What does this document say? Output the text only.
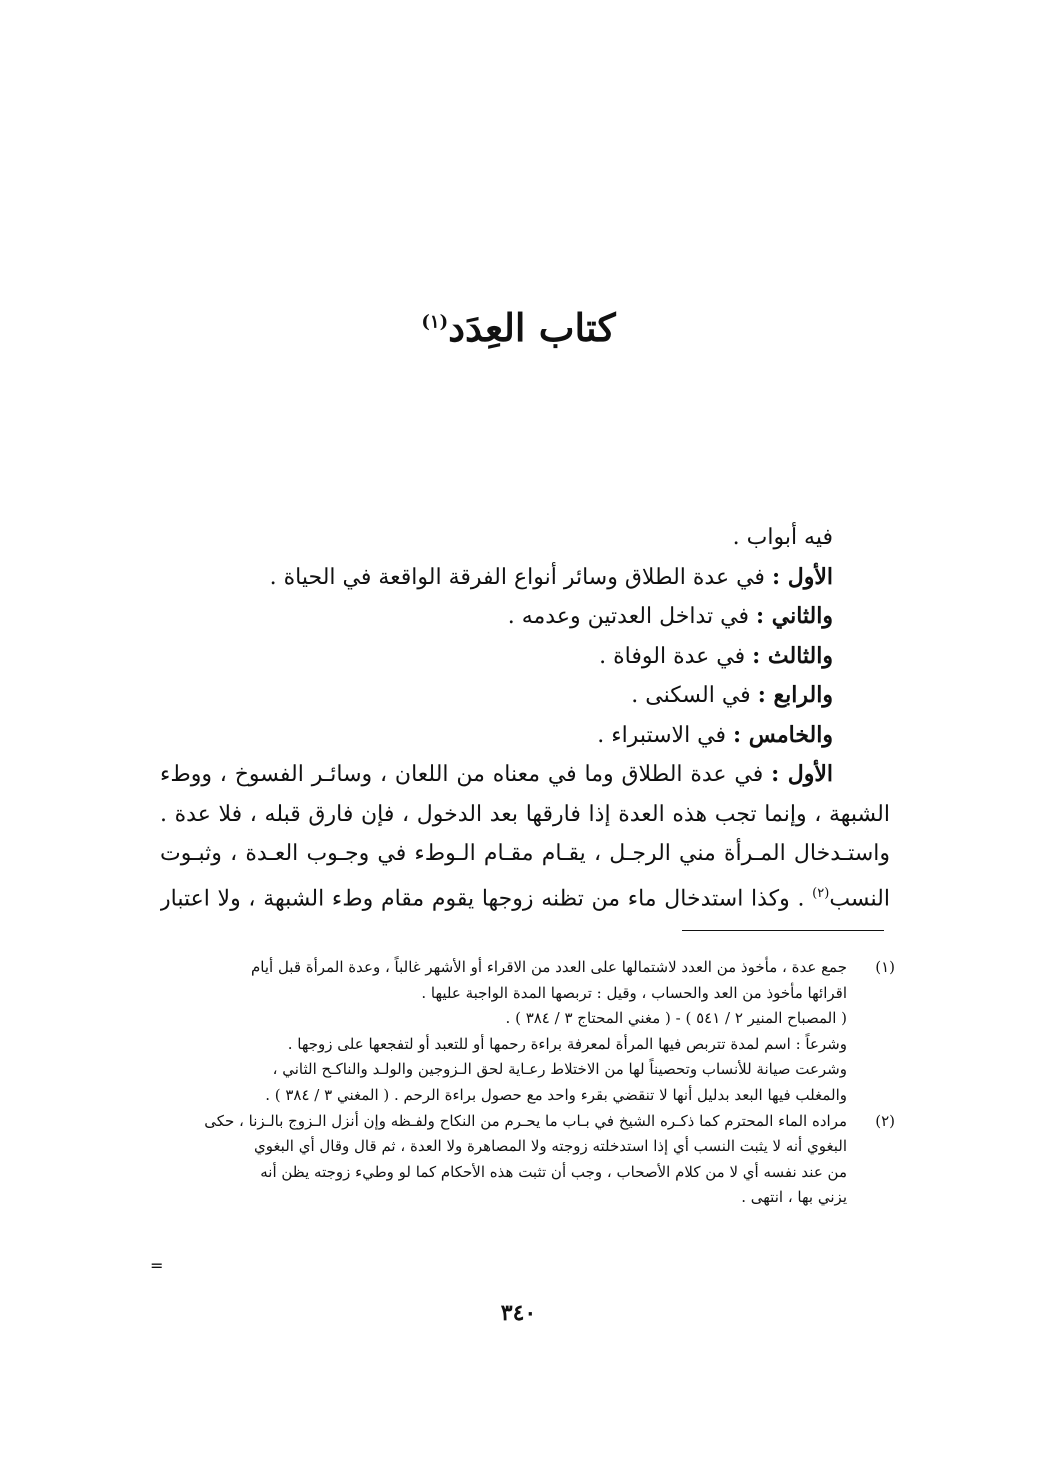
كتاب العِدَد$^{(١)}$
فيه أبواب .
الأول : في عدة الطلاق وسائر أنواع الفرقة الواقعة في الحياة .
والثاني : في تداخل العدتين وعدمه .
والثالث : في عدة الوفاة .
والرابع : في السكنى .
والخامس : في الاستبراء .
الأول : في عدة الطلاق وما في معناه من اللعان ، وسائـر الفسوخ ، ووطء
الشبهة ، وإنما تجب هذه العدة إذا فارقها بعد الدخول ، فإن فارق قبله ، فلا عدة .
واستـدخال المـرأة مني الرجـل ، يقـام مقـام الـوطء في وجـوب العـدة ، وثبـوت
النسب$^{(٢)}$ . وكذا استدخال ماء من تظنه زوجها يقوم مقام وطء الشبهة ، ولا اعتبار
(١)
جمع عدة ، مأخوذ من العدد لاشتمالها على العدد من الاقراء أو الأشهر غالباً ، وعدة المرأة قبل أيام
اقرائها مأخوذ من العد والحساب ، وقيل : تربصها المدة الواجبة عليها .
( المصباح المنير ٢ / ٥٤١ ) - ( مغني المحتاج ٣ / ٣٨٤ ) .
وشرعاً : اسم لمدة تتربص فيها المرأة لمعرفة براءة رحمها أو للتعبد أو لتفجعها على زوجها .
وشرعت صيانة للأنساب وتحصيناً لها من الاختلاط رعـاية لحق الـزوجين والولـد والناكـح الثاني ،
والمغلب فيها البعد بدليل أنها لا تنقضي بقرء واحد مع حصول براءة الرحم . ( المغني ٣ / ٣٨٤ ) .
(٢)
مراده الماء المحترم كما ذكـره الشيخ في بـاب ما يحـرم من النكاح ولفـظه وإن أنزل الـزوج بالـزنا ، حكى
البغوي أنه لا يثبت النسب أي إذا استدخلته زوجته ولا المصاهرة ولا العدة ، ثم قال وقال أي البغوي
من عند نفسه أي لا من كلام الأصحاب ، وجب أن تثبت هذه الأحكام كما لو وطيء زوجته يظن أنه
يزني بها ، انتهى .
=
٣٤٠
